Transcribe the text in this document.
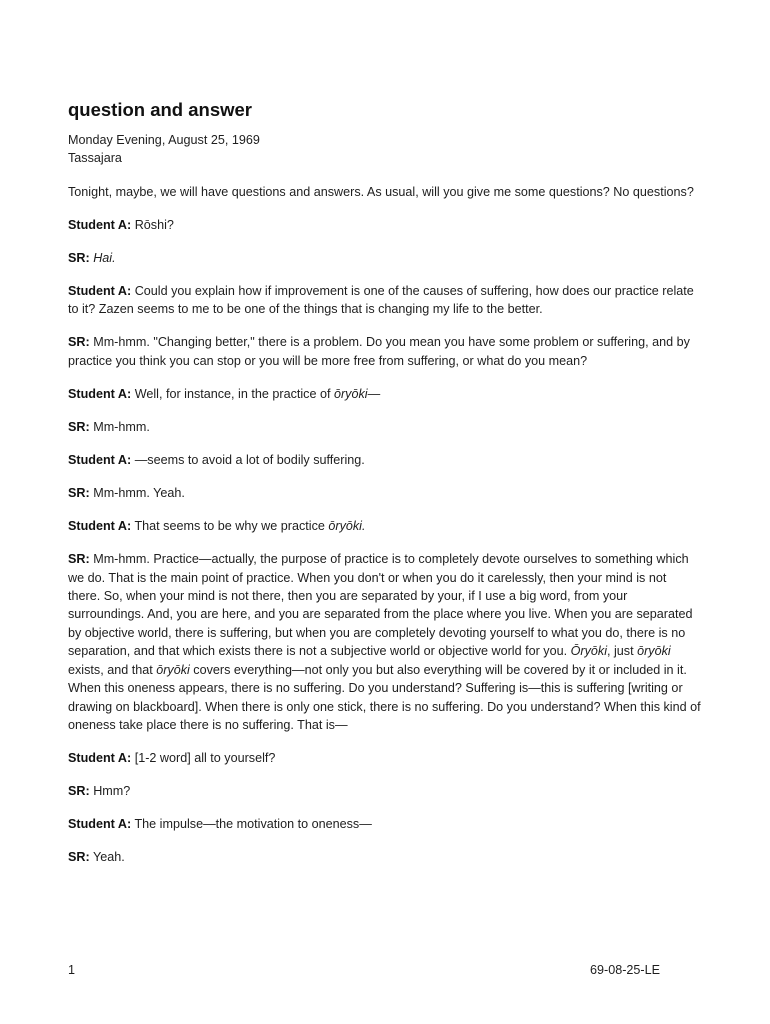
question and answer

Monday Evening, August 25, 1969
Tassajara

Tonight, maybe, we will have questions and answers. As usual, will you give me some questions? No questions?

Student A: Rōshi?

SR: Hai.

Student A: Could you explain how if improvement is one of the causes of suffering, how does our practice relate to it? Zazen seems to me to be one of the things that is changing my life to the better.

SR: Mm-hmm. "Changing better," there is a problem. Do you mean you have some problem or suffering, and by practice you think you can stop or you will be more free from suffering, or what do you mean?

Student A: Well, for instance, in the practice of ōryōki—

SR: Mm-hmm.

Student A: —seems to avoid a lot of bodily suffering.

SR: Mm-hmm. Yeah.

Student A: That seems to be why we practice ōryōki.

SR: Mm-hmm. Practice—actually, the purpose of practice is to completely devote ourselves to something which we do. That is the main point of practice. When you don't or when you do it carelessly, then your mind is not there. So, when your mind is not there, then you are separated by your, if I use a big word, from your surroundings. And, you are here, and you are separated from the place where you live. When you are separated by objective world, there is suffering, but when you are completely devoting yourself to what you do, there is no separation, and that which exists there is not a subjective world or objective world for you. Ōryōki, just ōryōki exists, and that ōryōki covers everything—not only you but also everything will be covered by it or included in it. When this oneness appears, there is no suffering. Do you understand? Suffering is—this is suffering [writing or drawing on blackboard]. When there is only one stick, there is no suffering. Do you understand? When this kind of oneness take place there is no suffering. That is—

Student A: [1-2 word] all to yourself?

SR: Hmm?

Student A: The impulse—the motivation to oneness—

SR: Yeah.

1	69-08-25-LE
